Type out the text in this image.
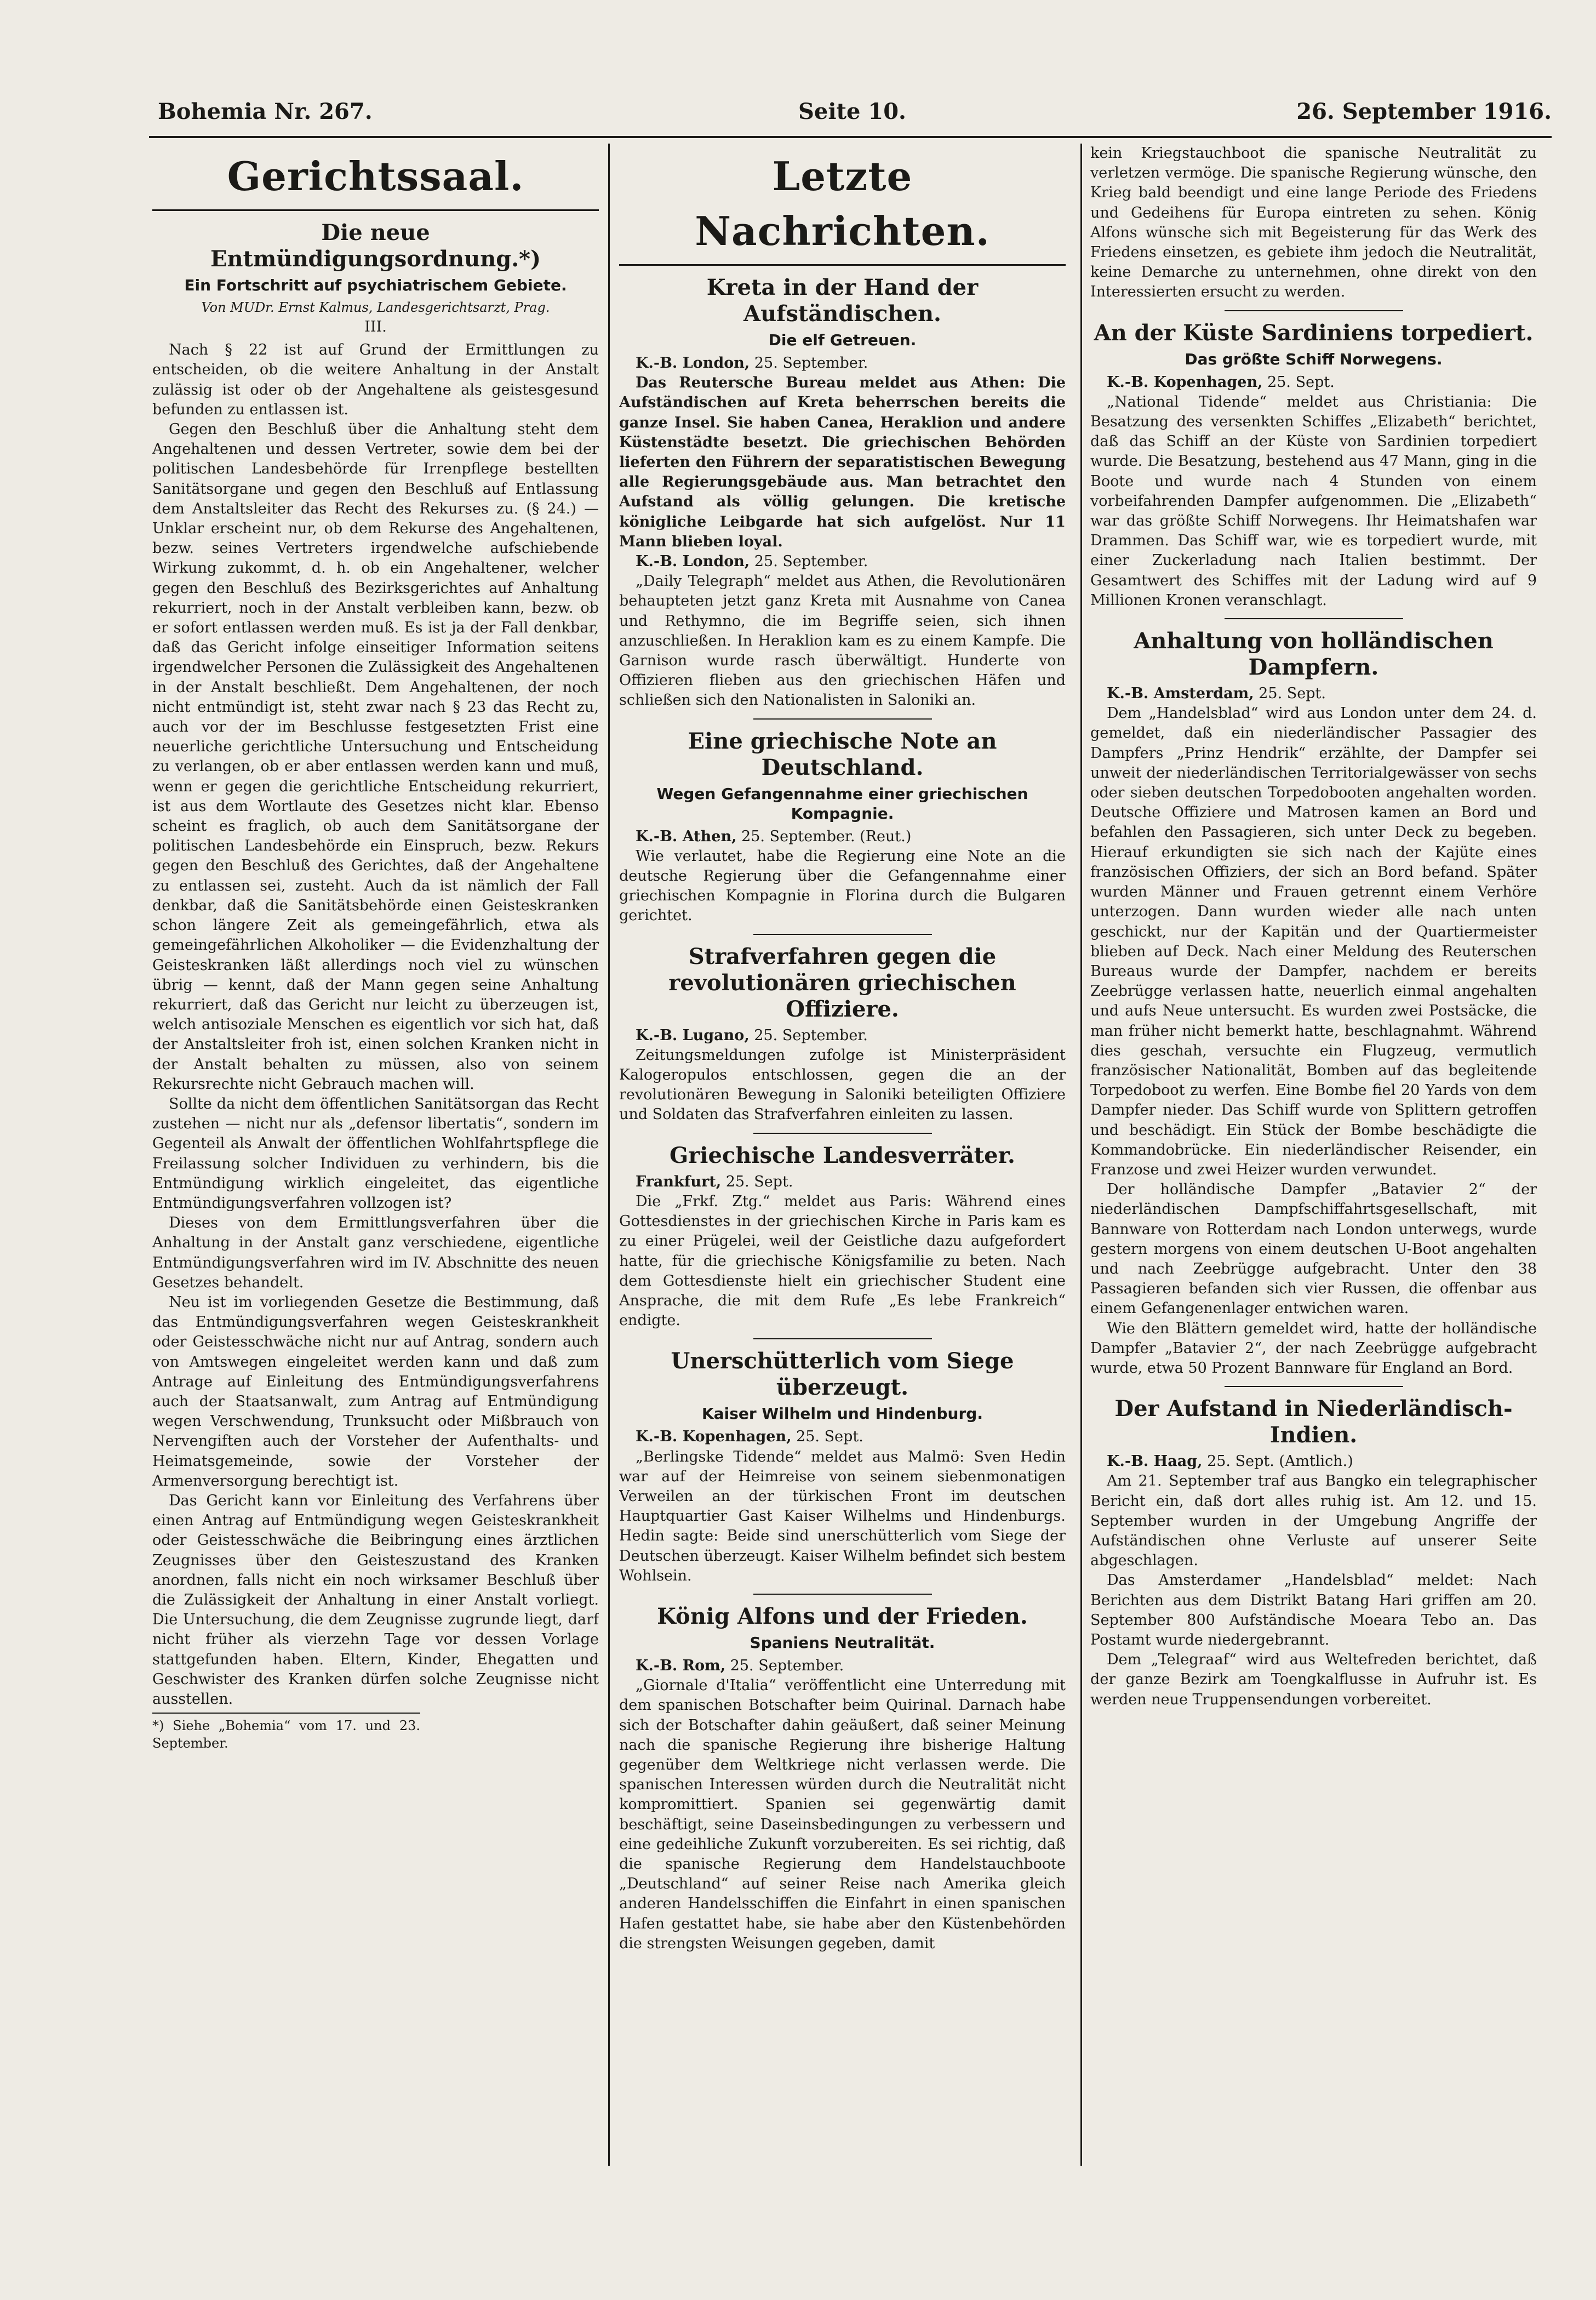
Bohemia Nr. 267.	Seite 10.	26. September 1916.
Gerichtssaal.
Die neue Entmündigungsordnung.*)
Ein Fortschritt auf psychiatrischem Gebiete.
Von MUDr. Ernst Kalmus, Landesgerichtsarzt, Prag.
III.

Nach § 22 ist auf Grund der Ermittlungen zu entscheiden, ob die weitere Anhaltung in der Anstalt zulässig ist oder ob der Angehaltene als geistesgesund befunden zu entlassen ist.

Gegen den Beschluß über die Anhaltung steht dem Angehaltenen und dessen Vertreter, sowie dem bei der politischen Landesbehörde für Irrenpflege bestellten Sanitätsorgane und gegen den Beschluß auf Entlassung dem Anstaltsleiter das Recht des Rekurses zu. (§ 24.) — Unklar erscheint nur, ob dem Rekurse des Angehaltenen, bezw. seines Vertreters irgendwelche aufschiebende Wirkung zukommt, d. h. ob ein Angehaltener, welcher gegen den Beschluß des Bezirksgerichtes auf Anhaltung rekurriert, noch in der Anstalt verbleiben kann, bezw. ob er sofort entlassen werden muß. Es ist ja der Fall denkbar, daß das Gericht infolge einseitiger Information seitens irgendwelcher Personen die Zulässigkeit des Angehaltenen in der Anstalt beschließt. Dem Angehaltenen, der noch nicht entmündigt ist, steht zwar nach § 23 das Recht zu, auch vor der im Beschlusse festgesetzten Frist eine neuerliche gerichtliche Untersuchung und Entscheidung zu verlangen, ob er aber entlassen werden kann und muß, wenn er gegen die gerichtliche Entscheidung rekurriert, ist aus dem Wortlaute des Gesetzes nicht klar. Ebenso scheint es fraglich, ob auch dem Sanitätsorgane der politischen Landesbehörde ein Einspruch, bezw. Rekurs gegen den Beschluß des Gerichtes, daß der Angehaltene zu entlassen sei, zusteht. Auch da ist nämlich der Fall denkbar, daß die Sanitätsbehörde einen Geisteskranken schon längere Zeit als gemeingefährlich, etwa als gemeingefährlichen Alkoholiker — die Evidenzhaltung der Geisteskranken läßt allerdings noch viel zu wünschen übrig — kennt, daß der Mann gegen seine Anhaltung rekurriert, daß das Gericht nur leicht zu überzeugen ist, welch antisoziale Menschen es eigentlich vor sich hat, daß der Anstaltsleiter froh ist, einen solchen Kranken nicht in der Anstalt behalten zu müssen, also von seinem Rekursrechte nicht Gebrauch machen will.

Sollte da nicht dem öffentlichen Sanitätsorgan das Recht zustehen — nicht nur als „defensor libertatis“, sondern im Gegenteil als Anwalt der öffentlichen Wohlfahrtspflege die Freilassung solcher Individuen zu verhindern, bis die Entmündigung wirklich eingeleitet, das eigentliche Entmündigungsverfahren vollzogen ist?

Dieses von dem Ermittlungsverfahren über die Anhaltung in der Anstalt ganz verschiedene, eigentliche Entmündigungsverfahren wird im IV. Abschnitte des neuen Gesetzes behandelt.

Neu ist im vorliegenden Gesetze die Bestimmung, daß das Entmündigungsverfahren wegen Geisteskrankheit oder Geistesschwäche nicht nur auf Antrag, sondern auch von Amtswegen eingeleitet werden kann und daß zum Antrage auf Einleitung des Entmündigungsverfahrens auch der Staatsanwalt, zum Antrag auf Entmündigung wegen Verschwendung, Trunksucht oder Mißbrauch von Nervengiften auch der Vorsteher der Aufenthalts- und Heimatsgemeinde, sowie der Vorsteher der Armenversorgung berechtigt ist.

Das Gericht kann vor Einleitung des Verfahrens über einen Antrag auf Entmündigung wegen Geisteskrankheit oder Geistesschwäche die Beibringung eines ärztlichen Zeugnisses über den Geisteszustand des Kranken anordnen, falls nicht ein noch wirksamer Beschluß über die Zulässigkeit der Anhaltung in einer Anstalt vorliegt. Die Untersuchung, die dem Zeugnisse zugrunde liegt, darf nicht früher als vierzehn Tage vor dessen Vorlage stattgefunden haben. Eltern, Kinder, Ehegatten und Geschwister des Kranken dürfen solche Zeugnisse nicht ausstellen.

*) Siehe „Bohemia“ vom 17. und 23. September.
Letzte Nachrichten.
Kreta in der Hand der Aufständischen.
Die elf Getreuen.

K.-B. London, 25. September.

Das Reutersche Bureau meldet aus Athen: Die Aufständischen auf Kreta beherrschen bereits die ganze Insel. Sie haben Canea, Heraklion und andere Küstenstädte besetzt. Die griechischen Behörden lieferten den Führern der separatistischen Bewegung alle Regierungsgebäude aus. Man betrachtet den Aufstand als völlig gelungen. Die kretische königliche Leibgarde hat sich aufgelöst. Nur 11 Mann blieben loyal.

K.-B. London, 25. September.

„Daily Telegraph“ meldet aus Athen, die Revolutionären behaupteten jetzt ganz Kreta mit Ausnahme von Canea und Rethymno, die im Begriffe seien, sich ihnen anzuschließen. In Heraklion kam es zu einem Kampfe. Die Garnison wurde rasch überwältigt. Hunderte von Offizieren flieben aus den griechischen Häfen und schließen sich den Nationalisten in Saloniki an.

Eine griechische Note an Deutschland.
Wegen Gefangennahme einer griechischen Kompagnie.

K.-B. Athen, 25. September. (Reut.)

Wie verlautet, habe die Regierung eine Note an die deutsche Regierung über die Gefangennahme einer griechischen Kompagnie in Florina durch die Bulgaren gerichtet.

Strafverfahren gegen die revolutionären griechischen Offiziere.

K.-B. Lugano, 25. September.

Zeitungsmeldungen zufolge ist Ministerpräsident Kalogeropulos entschlossen, gegen die an der revolutionären Bewegung in Saloniki beteiligten Offiziere und Soldaten das Strafverfahren einleiten zu lassen.

Griechische Landesverräter.

Frankfurt, 25. Sept.

Die „Frkf. Ztg.“ meldet aus Paris: Während eines Gottesdienstes in der griechischen Kirche in Paris kam es zu einer Prügelei, weil der Geistliche dazu aufgefordert hatte, für die griechische Königsfamilie zu beten. Nach dem Gottesdienste hielt ein griechischer Student eine Ansprache, die mit dem Rufe „Es lebe Frankreich“ endigte.

Unerschütterlich vom Siege überzeugt.
Kaiser Wilhelm und Hindenburg.

K.-B. Kopenhagen, 25. Sept.

„Berlingske Tidende“ meldet aus Malmö: Sven Hedin war auf der Heimreise von seinem siebenmonatigen Verweilen an der türkischen Front im deutschen Hauptquartier Gast Kaiser Wilhelms und Hindenburgs. Hedin sagte: Beide sind unerschütterlich vom Siege der Deutschen überzeugt. Kaiser Wilhelm befindet sich bestem Wohlsein.

König Alfons und der Frieden.
Spaniens Neutralität.

K.-B. Rom, 25. September.

„Giornale d'Italia“ veröffentlicht eine Unterredung mit dem spanischen Botschafter beim Quirinal. Darnach habe sich der Botschafter dahin geäußert, daß seiner Meinung nach die spanische Regierung ihre bisherige Haltung gegenüber dem Weltkriege nicht verlassen werde. Die spanischen Interessen würden durch die Neutralität nicht kompromittiert. Spanien sei gegenwärtig damit beschäftigt, seine Daseinsbedingungen zu verbessern und eine gedeihliche Zukunft vorzubereiten. Es sei richtig, daß die spanische Regierung dem Handelstauchboote „Deutschland“ auf seiner Reise nach Amerika gleich anderen Handelsschiffen die Einfahrt in einen spanischen Hafen gestattet habe, sie habe aber den Küstenbehörden die strengsten Weisungen gegeben, damit

kein Kriegstauchboot die spanische Neutralität zu verletzen vermöge. Die spanische Regierung wünsche, den Krieg bald beendigt und eine lange Periode des Friedens und Gedeihens für Europa eintreten zu sehen. König Alfons wünsche sich mit Begeisterung für das Werk des Friedens einsetzen, es gebiete ihm jedoch die Neutralität, keine Demarche zu unternehmen, ohne direkt von den Interessierten ersucht zu werden.

An der Küste Sardiniens torpediert.
Das größte Schiff Norwegens.

K.-B. Kopenhagen, 25. Sept.

„National Tidende“ meldet aus Christiania: Die Besatzung des versenkten Schiffes „Elizabeth“ berichtet, daß das Schiff an der Küste von Sardinien torpediert wurde. Die Besatzung, bestehend aus 47 Mann, ging in die Boote und wurde nach 4 Stunden von einem vorbeifahrenden Dampfer aufgenommen. Die „Elizabeth“ war das größte Schiff Norwegens. Ihr Heimatshafen war Drammen. Das Schiff war, wie es torpediert wurde, mit einer Zuckerladung nach Italien bestimmt. Der Gesamtwert des Schiffes mit der Ladung wird auf 9 Millionen Kronen veranschlagt.

Anhaltung von holländischen Dampfern.

K.-B. Amsterdam, 25. Sept.

Dem „Handelsblad“ wird aus London unter dem 24. d. gemeldet, daß ein niederländischer Passagier des Dampfers „Prinz Hendrik“ erzählte, der Dampfer sei unweit der niederländischen Territorialgewässer von sechs oder sieben deutschen Torpedobooten angehalten worden. Deutsche Offiziere und Matrosen kamen an Bord und befahlen den Passagieren, sich unter Deck zu begeben. Hierauf erkundigten sie sich nach der Kajüte eines französischen Offiziers, der sich an Bord befand. Später wurden Männer und Frauen getrennt einem Verhöre unterzogen. Dann wurden wieder alle nach unten geschickt, nur der Kapitän und der Quartiermeister blieben auf Deck. Nach einer Meldung des Reuterschen Bureaus wurde der Dampfer, nachdem er bereits Zeebrügge verlassen hatte, neuerlich einmal angehalten und aufs Neue untersucht. Es wurden zwei Postsäcke, die man früher nicht bemerkt hatte, beschlagnahmt. Während dies geschah, versuchte ein Flugzeug, vermutlich französischer Nationalität, Bomben auf das begleitende Torpedoboot zu werfen. Eine Bombe fiel 20 Yards von dem Dampfer nieder. Das Schiff wurde von Splittern getroffen und beschädigt. Ein Stück der Bombe beschädigte die Kommandobrücke. Ein niederländischer Reisender, ein Franzose und zwei Heizer wurden verwundet.

Der holländische Dampfer „Batavier 2“ der niederländischen Dampfschiffahrtsgesellschaft, mit Bannware von Rotterdam nach London unterwegs, wurde gestern morgens von einem deutschen U-Boot angehalten und nach Zeebrügge aufgebracht. Unter den 38 Passagieren befanden sich vier Russen, die offenbar aus einem Gefangenenlager entwichen waren.

Wie den Blättern gemeldet wird, hatte der holländische Dampfer „Batavier 2“, der nach Zeebrügge aufgebracht wurde, etwa 50 Prozent Bannware für England an Bord.

Der Aufstand in Niederländisch-Indien.

K.-B. Haag, 25. Sept. (Amtlich.)

Am 21. September traf aus Bangko ein telegraphischer Bericht ein, daß dort alles ruhig ist. Am 12. und 15. September wurden in der Umgebung Angriffe der Aufständischen ohne Verluste auf unserer Seite abgeschlagen.

Das Amsterdamer „Handelsblad“ meldet: Nach Berichten aus dem Distrikt Batang Hari griffen am 20. September 800 Aufständische Moeara Tebo an. Das Postamt wurde niedergebrannt.

Dem „Telegraaf“ wird aus Weltefreden berichtet, daß der ganze Bezirk am Toengkalflusse in Aufruhr ist. Es werden neue Truppensendungen vorbereitet.
